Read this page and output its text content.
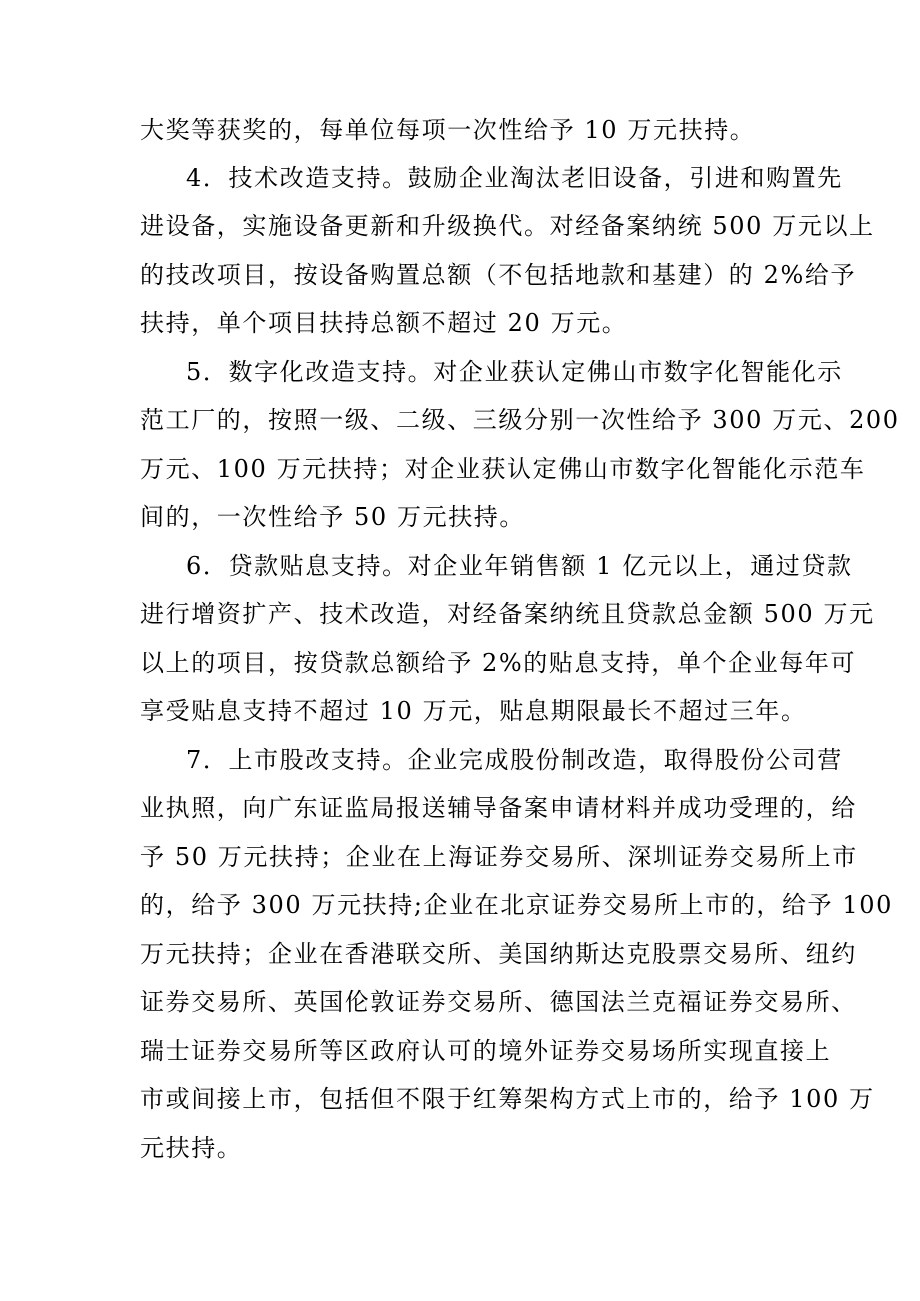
大奖等获奖的，每单位每项一次性给予 10 万元扶持。
4．技术改造支持。鼓励企业淘汰老旧设备，引进和购置先
进设备，实施设备更新和升级换代。对经备案纳统 500 万元以上
的技改项目，按设备购置总额（不包括地款和基建）的 2%给予
扶持，单个项目扶持总额不超过 20 万元。
5．数字化改造支持。对企业获认定佛山市数字化智能化示
范工厂的，按照一级、二级、三级分别一次性给予 300 万元、200
万元、100 万元扶持；对企业获认定佛山市数字化智能化示范车
间的，一次性给予 50 万元扶持。
6．贷款贴息支持。对企业年销售额 1 亿元以上，通过贷款
进行增资扩产、技术改造，对经备案纳统且贷款总金额 500 万元
以上的项目，按贷款总额给予 2%的贴息支持，单个企业每年可
享受贴息支持不超过 10 万元，贴息期限最长不超过三年。
7．上市股改支持。企业完成股份制改造，取得股份公司营
业执照，向广东证监局报送辅导备案申请材料并成功受理的，给
予 50 万元扶持；企业在上海证券交易所、深圳证券交易所上市
的，给予 300 万元扶持;企业在北京证券交易所上市的，给予 100
万元扶持；企业在香港联交所、美国纳斯达克股票交易所、纽约
证券交易所、英国伦敦证券交易所、德国法兰克福证券交易所、
瑞士证券交易所等区政府认可的境外证券交易场所实现直接上
市或间接上市，包括但不限于红筹架构方式上市的，给予 100 万
元扶持。
